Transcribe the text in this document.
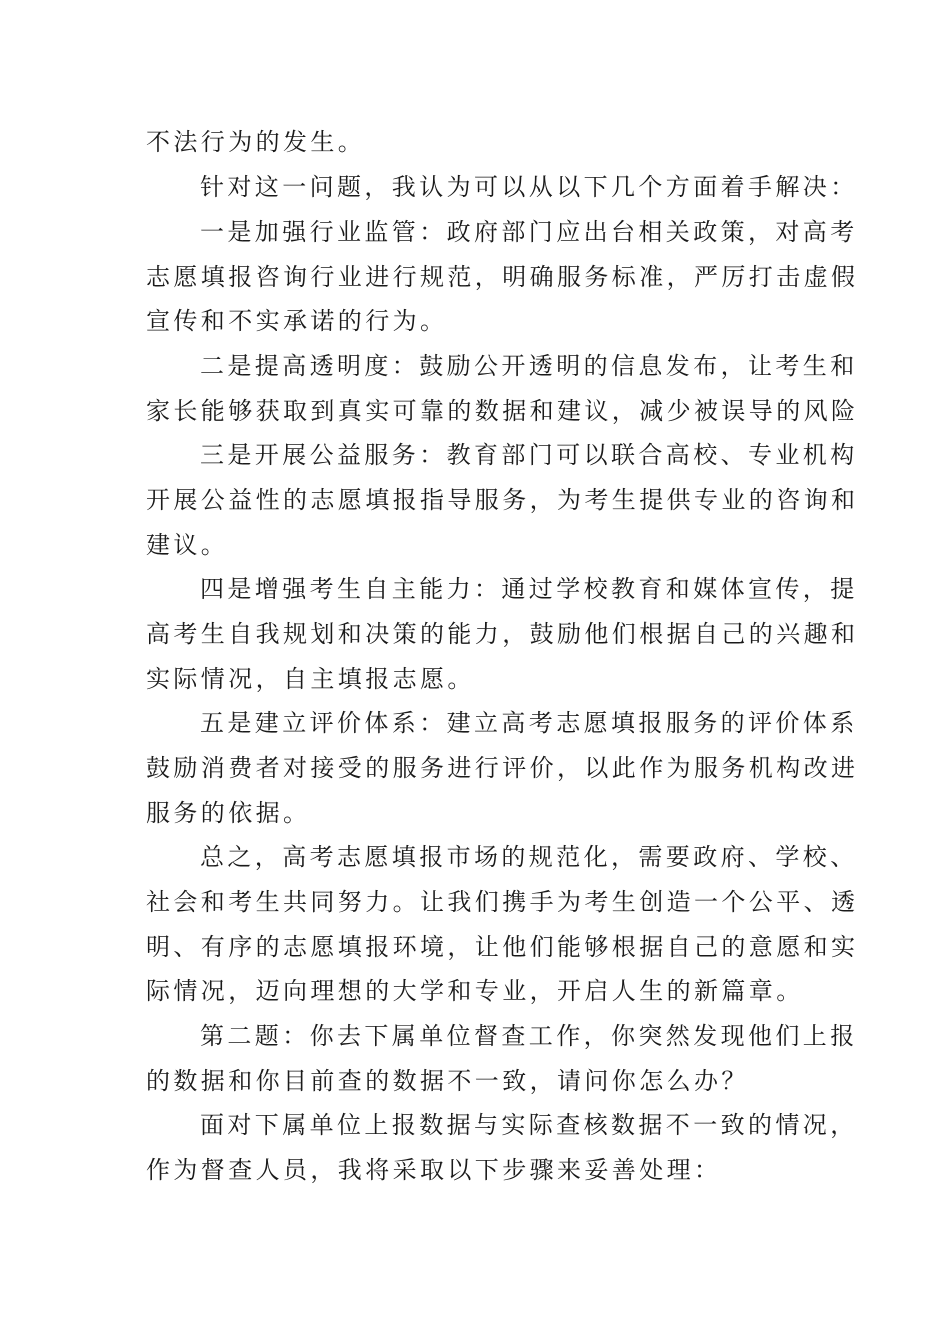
不法行为的发生。
针对这一问题，我认为可以从以下几个方面着手解决：
一是加强行业监管：政府部门应出台相关政策，对高考
志愿填报咨询行业进行规范，明确服务标准，严厉打击虚假
宣传和不实承诺的行为。
二是提高透明度：鼓励公开透明的信息发布，让考生和
家长能够获取到真实可靠的数据和建议，减少被误导的风险
三是开展公益服务：教育部门可以联合高校、专业机构
开展公益性的志愿填报指导服务，为考生提供专业的咨询和
建议。
四是增强考生自主能力：通过学校教育和媒体宣传，提
高考生自我规划和决策的能力，鼓励他们根据自己的兴趣和
实际情况，自主填报志愿。
五是建立评价体系：建立高考志愿填报服务的评价体系
鼓励消费者对接受的服务进行评价，以此作为服务机构改进
服务的依据。
总之，高考志愿填报市场的规范化，需要政府、学校、
社会和考生共同努力。让我们携手为考生创造一个公平、透
明、有序的志愿填报环境，让他们能够根据自己的意愿和实
际情况，迈向理想的大学和专业，开启人生的新篇章。
第二题：你去下属单位督查工作，你突然发现他们上报
的数据和你目前查的数据不一致，请问你怎么办？
面对下属单位上报数据与实际查核数据不一致的情况，
作为督查人员，我将采取以下步骤来妥善处理：
